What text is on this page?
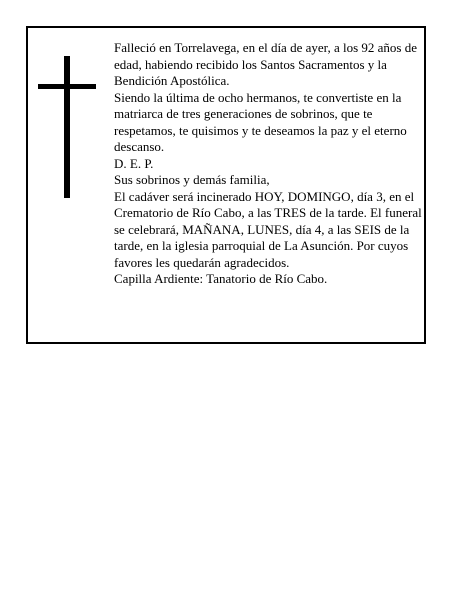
Falleció en Torrelavega, en el día de ayer, a los 92 años de edad, habiendo recibido los Santos Sacramentos y la Bendición Apostólica.

Siendo la última de ocho hermanos, te convertiste en la matriarca de tres generaciones de sobrinos, que te respetamos, te quisimos y te deseamos la paz y el eterno descanso.

D. E. P.

Sus sobrinos y demás familia,

El cadáver será incinerado HOY, DOMINGO, día 3, en el Crematorio de Río Cabo, a las TRES de la tarde. El funeral se celebrará, MAÑANA, LUNES, día 4, a las SEIS de la tarde, en la iglesia parroquial de La Asunción. Por cuyos favores les quedarán agradecidos.

Capilla Ardiente: Tanatorio de Río Cabo.
